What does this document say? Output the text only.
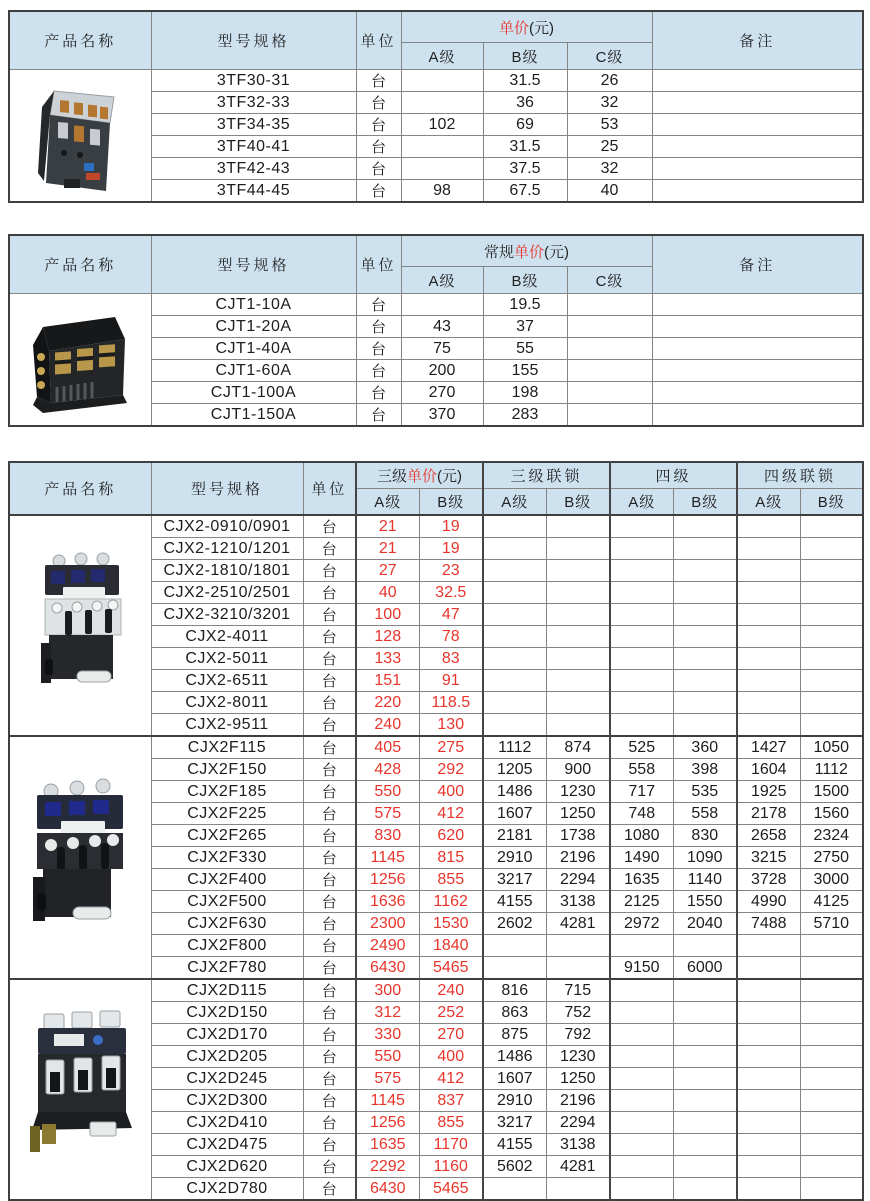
产品名称	型号规格	单位	单价(元)			备注
			A级	B级	C级	

	3TF30-31	台		31.5	26	
	3TF32-33	台		36	32	
	3TF34-35	台	102	69	53	
	3TF40-41	台		31.5	25	
	3TF42-43	台		37.5	32	
	3TF44-45	台	98	67.5	40	
产品名称	型号规格	单位	常规单价(元)			备注
			A级	B级	C级	

	CJT1-10A	台		19.5		
	CJT1-20A	台	43	37		
	CJT1-40A	台	75	55		
	CJT1-60A	台	200	155		
	CJT1-100A	台	270	198		
	CJT1-150A	台	370	283		
产品名称	型号规格	单位	三级单价(元)		三级联锁		四级		四级联锁	
			A级	B级	A级	B级	A级	B级	A级	B级

	CJX2-0910/0901	台	21	19						
	CJX2-1210/1201	台	21	19						
	CJX2-1810/1801	台	27	23						
	CJX2-2510/2501	台	40	32.5						
	CJX2-3210/3201	台	100	47						
	CJX2-4011	台	128	78						
	CJX2-5011	台	133	83						
	CJX2-6511	台	151	91						
	CJX2-8011	台	220	118.5						
	CJX2-9511	台	240	130						

	CJX2F115	台	405	275	1112	874	525	360	1427	1050
	CJX2F150	台	428	292	1205	900	558	398	1604	1112
	CJX2F185	台	550	400	1486	1230	717	535	1925	1500
	CJX2F225	台	575	412	1607	1250	748	558	2178	1560
	CJX2F265	台	830	620	2181	1738	1080	830	2658	2324
	CJX2F330	台	1145	815	2910	2196	1490	1090	3215	2750
	CJX2F400	台	1256	855	3217	2294	1635	1140	3728	3000
	CJX2F500	台	1636	1162	4155	3138	2125	1550	4990	4125
	CJX2F630	台	2300	1530	2602	4281	2972	2040	7488	5710
	CJX2F800	台	2490	1840						
	CJX2F780	台	6430	5465			9150	6000		

	CJX2D115	台	300	240	816	715				
	CJX2D150	台	312	252	863	752				
	CJX2D170	台	330	270	875	792				
	CJX2D205	台	550	400	1486	1230				
	CJX2D245	台	575	412	1607	1250				
	CJX2D300	台	1145	837	2910	2196				
	CJX2D410	台	1256	855	3217	2294				
	CJX2D475	台	1635	1170	4155	3138				
	CJX2D620	台	2292	1160	5602	4281				
	CJX2D780	台	6430	5465						
